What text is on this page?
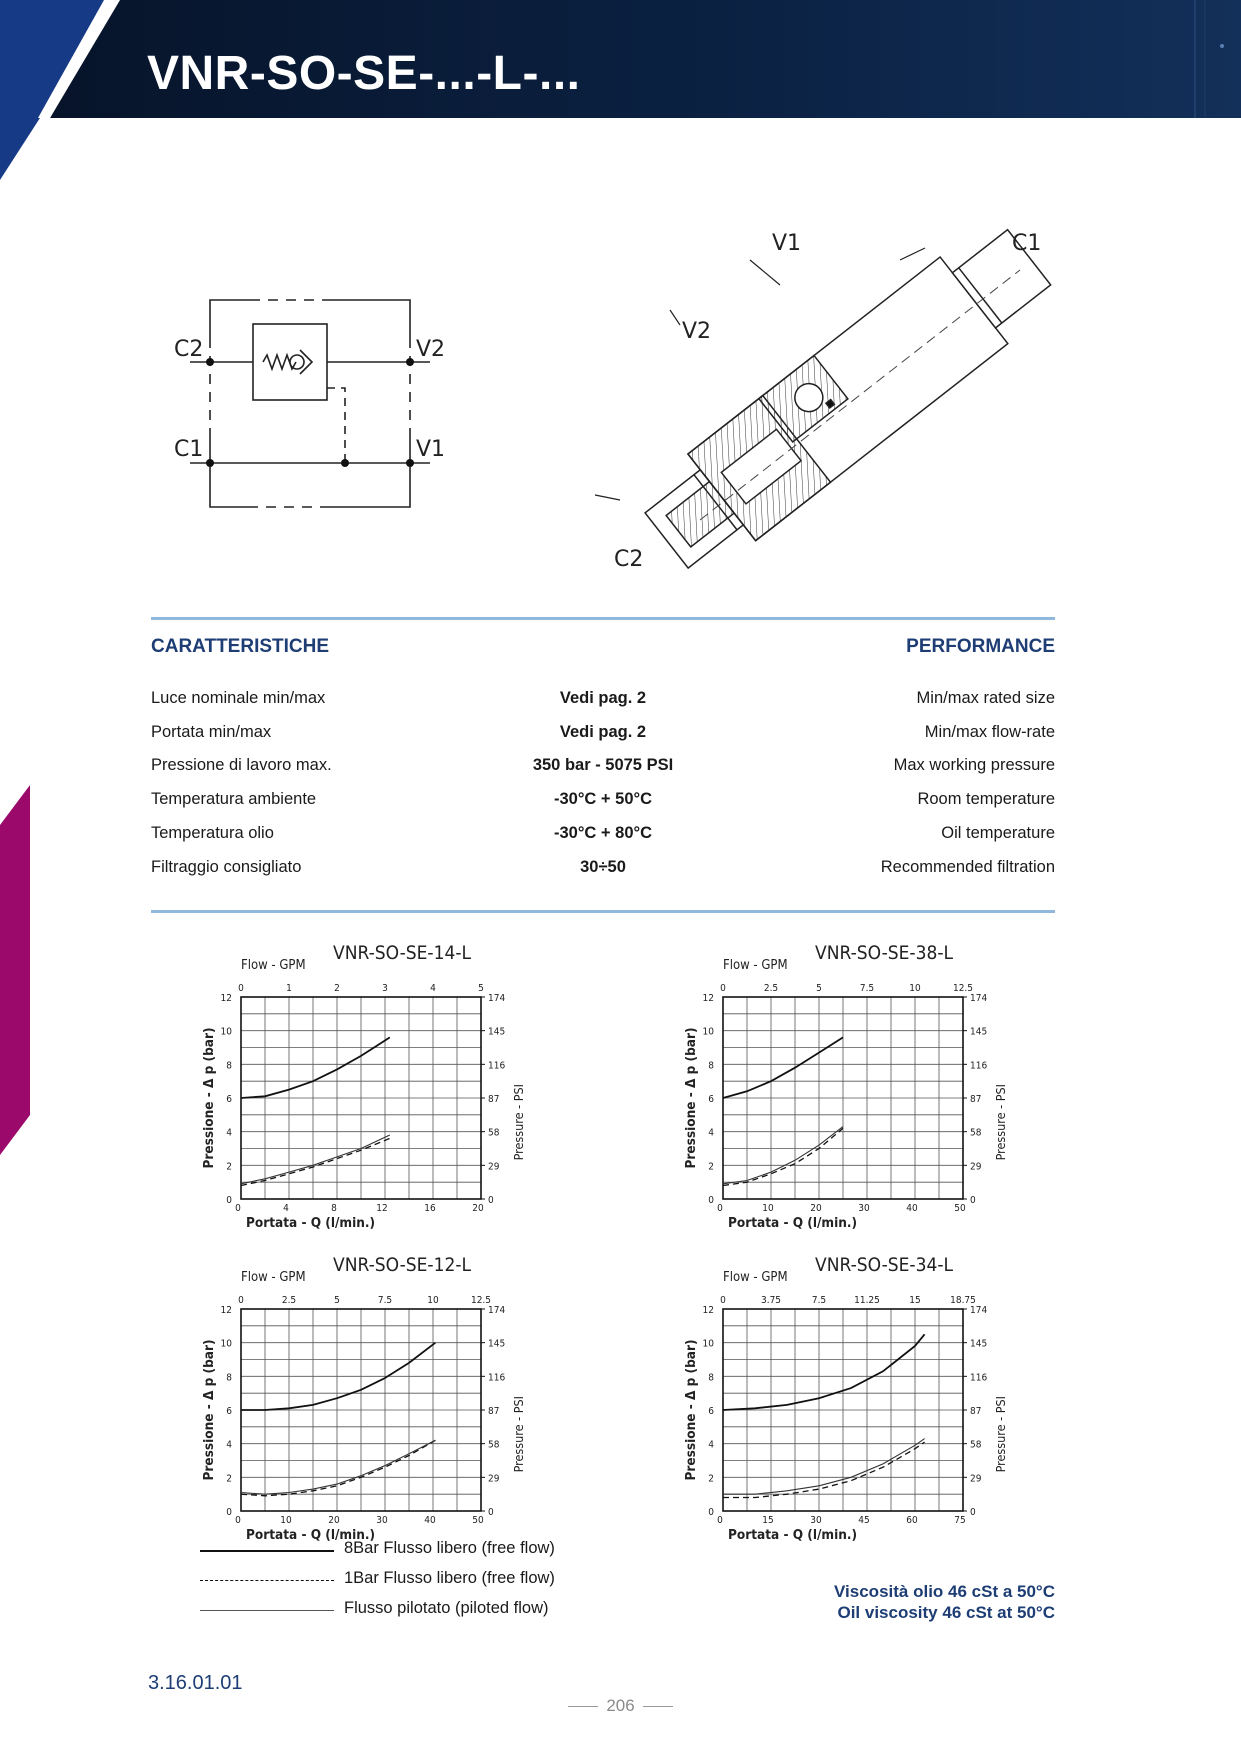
VNR-SO-SE-...-L-...
C2	V2
C1	V1
V1	C1
V2
C2
CARATTERISTICHE	PERFORMANCE
Luce nominale min/max	Vedi pag. 2	Min/max rated size
Portata min/max	Vedi pag. 2	Min/max flow-rate
Pressione di lavoro max.	350 bar - 5075 PSI	Max working pressure
Temperatura ambiente	-30°C + 50°C	Room temperature
Temperatura olio	-30°C + 80°C	Oil temperature
Filtraggio consigliato	30÷50	Recommended filtration
VNR-SO-SE-14-L
Flow - GPM
0	4	8	12	16	20
0	1	2	3	4	5
0
2
4
6
8
10
12
0
29
58
87
116
145
174
Portata - Q (l/min.)
Pressione - Δ p (bar)	Pressure - PSI
VNR-SO-SE-38-L
Flow - GPM
0	10	20	30	40	50
0	2.5	5	7.5	10	12.5
0
2
4
6
8
10
12
0
29
58
87
116
145
174
Portata - Q (l/min.)
Pressione - Δ p (bar)	Pressure - PSI
VNR-SO-SE-12-L
Flow - GPM
0	10	20	30	40	50
0	2.5	5	7.5	10	12.5
0
2
4
6
8
10
12
0
29
58
87
116
145
174
Portata - Q (l/min.)
Pressione - Δ p (bar)	Pressure - PSI
VNR-SO-SE-34-L
Flow - GPM
0	15	30	45	60	75
0	3.75	7.5	11.25	15	18.75
0
2
4
6
8
10
12
0
29
58
87
116
145
174
Portata - Q (l/min.)
Pressione - Δ p (bar)	Pressure - PSI
8Bar Flusso libero (free flow)
1Bar Flusso libero (free flow)
Flusso pilotato (piloted flow)
Viscosità olio 46 cSt a 50°C
Oil viscosity 46 cSt at 50°C
3.16.01.01
206
